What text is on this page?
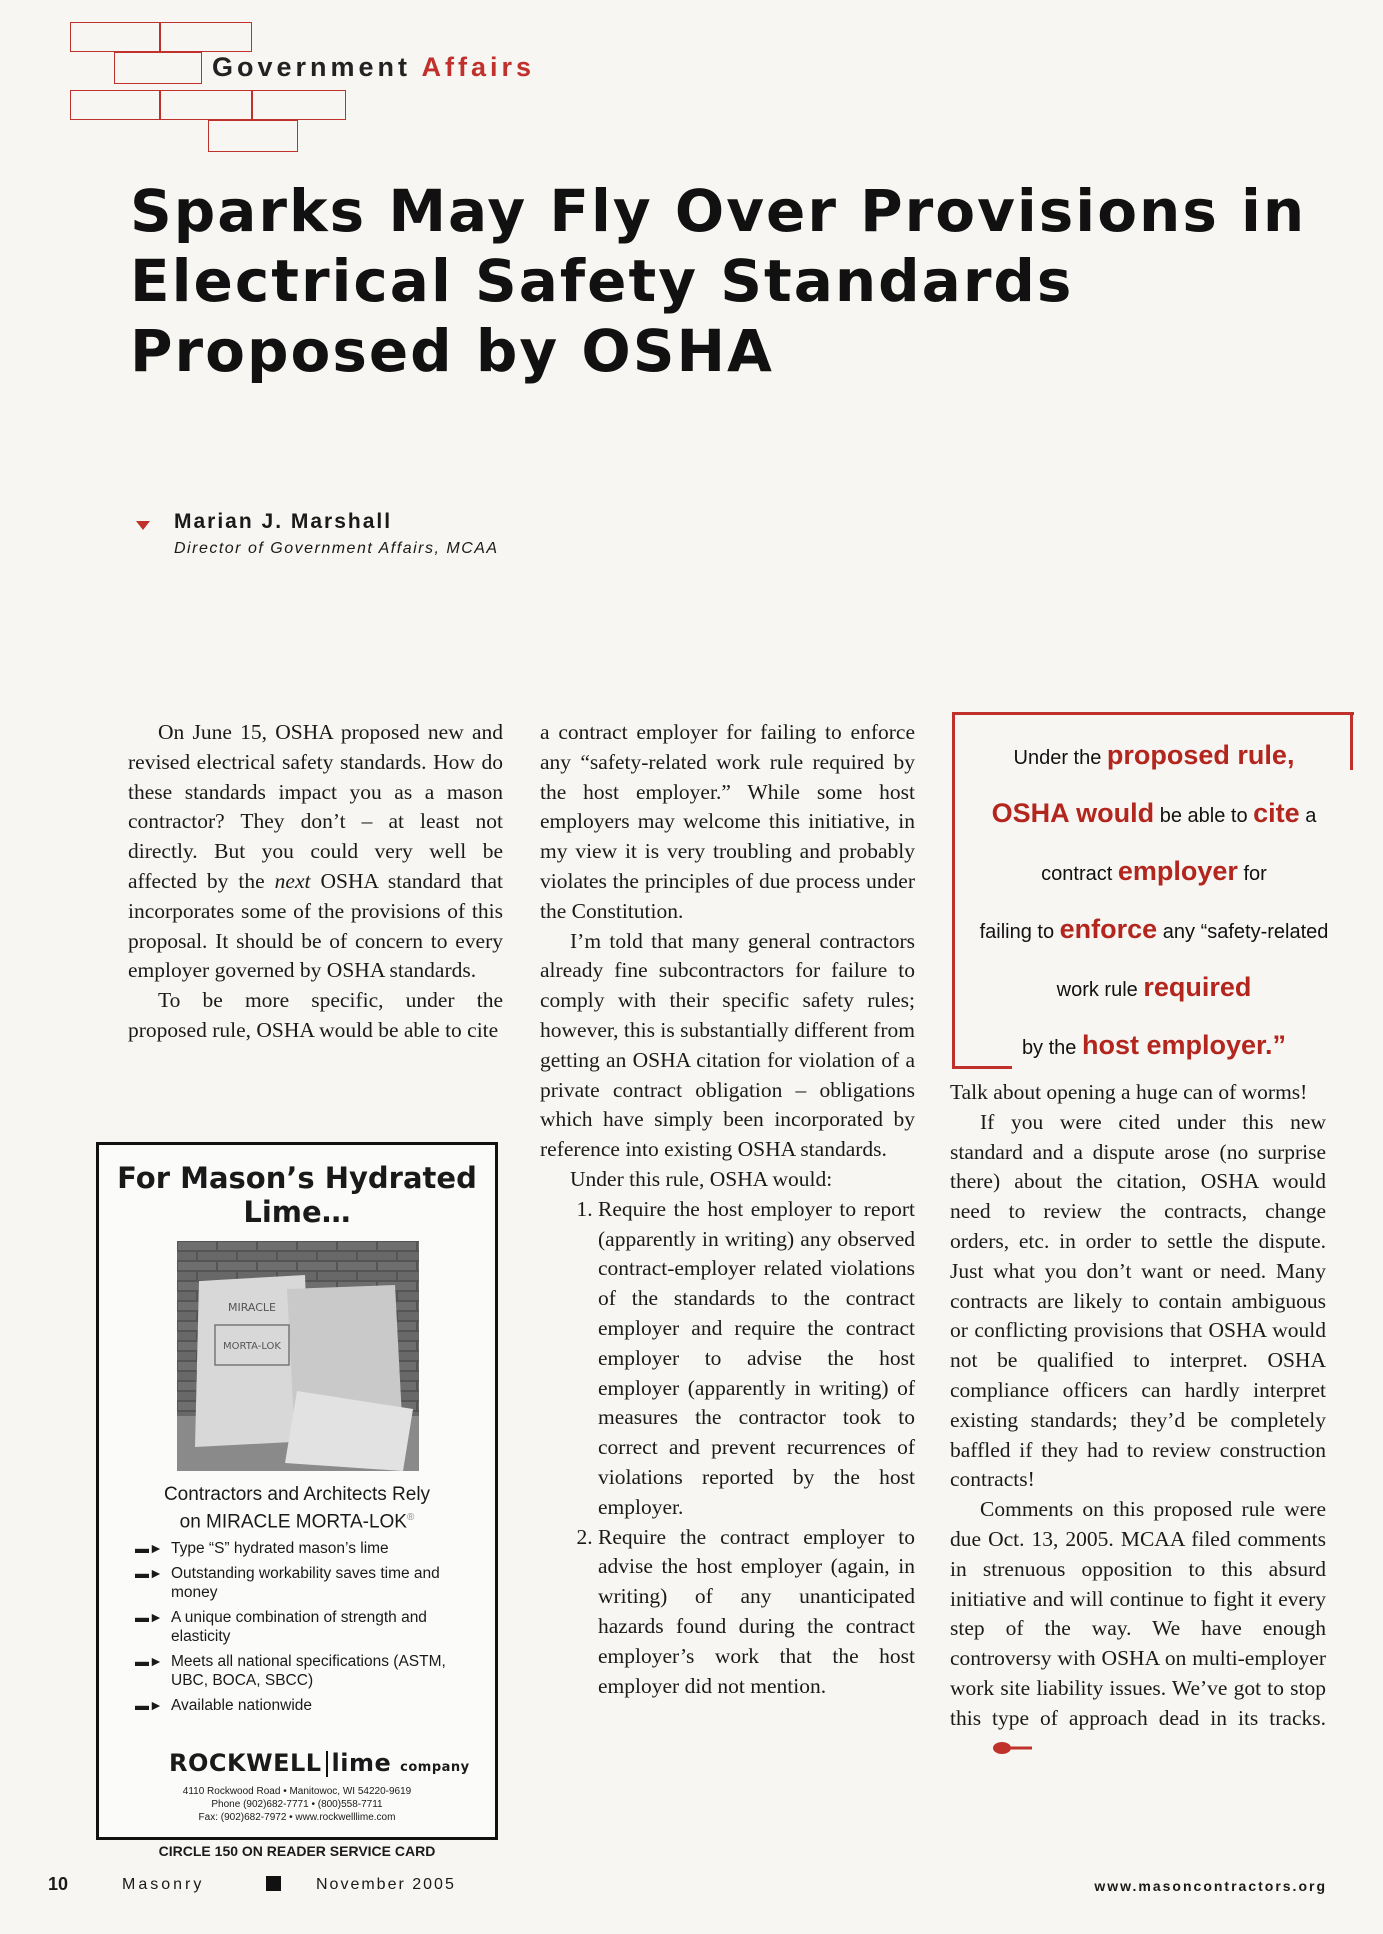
Government Affairs
Sparks May Fly Over Provisions in Electrical Safety Standards Proposed by OSHA
Marian J. Marshall
Director of Government Affairs, MCAA

On June 15, OSHA proposed new and revised electrical safety standards. How do these standards impact you as a mason contractor? They don’t – at least not directly. But you could very well be affected by the next OSHA standard that incorporates some of the provisions of this proposal. It should be of concern to every employer governed by OSHA standards.

To be more specific, under the proposed rule, OSHA would be able to cite

a contract employer for failing to enforce any “safety-related work rule required by the host employer.” While some host employers may welcome this initiative, in my view it is very troubling and probably violates the principles of due process under the Constitution.

I’m told that many general contractors already fine subcontractors for failure to comply with their specific safety rules; however, this is substantially different from getting an OSHA citation for violation of a private contract obligation – obligations which have simply been incorporated by reference into existing OSHA standards.

Under this rule, OSHA would:

1. Require the host employer to report (apparently in writing) any observed contract-employer related violations of the standards to the contract employer and require the contract employer to advise the host employer (apparently in writing) of measures the contractor took to correct and prevent recurrences of violations reported by the host employer.
2. Require the contract employer to advise the host employer (again, in writing) of any unanticipated hazards found during the contract employer’s work that the host employer did not mention.
Under the proposed rule,
OSHA would be able to cite a
contract employer for
failing to enforce any “safety-related
work rule required
by the host employer.”

Talk about opening a huge can of worms!

If you were cited under this new standard and a dispute arose (no surprise there) about the citation, OSHA would need to review the contracts, change orders, etc. in order to settle the dispute. Just what you don’t want or need. Many contracts are likely to contain ambiguous or conflicting provisions that OSHA would not be qualified to interpret. OSHA compliance officers can hardly interpret existing standards; they’d be completely baffled if they had to review construction contracts!

Comments on this proposed rule were due Oct. 13, 2005. MCAA filed comments in strenuous opposition to this absurd initiative and will continue to fight it every step of the way. We have enough controversy with OSHA on multi-employer work site liability issues. We’ve got to stop this type of approach dead in its tracks.

For Mason’s Hydrated Lime…
MIRACLE
MORTA-LOK
Contractors and Architects Rely
on MIRACLE MORTA-LOK®
▬► Type “S” hydrated mason’s lime
▬► Outstanding workability saves time and money
▬► A unique combination of strength and elasticity
▬► Meets all national specifications (ASTM, UBC, BOCA, SBCC)
▬► Available nationwide
ROCKWELL lime company
4110 Rockwood Road • Manitowoc, WI 54220-9619
Phone (902)682-7771 • (800)558-7711
Fax: (902)682-7972 • www.rockwelllime.com
CIRCLE 150 ON READER SERVICE CARD
10	Masonry	November 2005	www.masoncontractors.org
